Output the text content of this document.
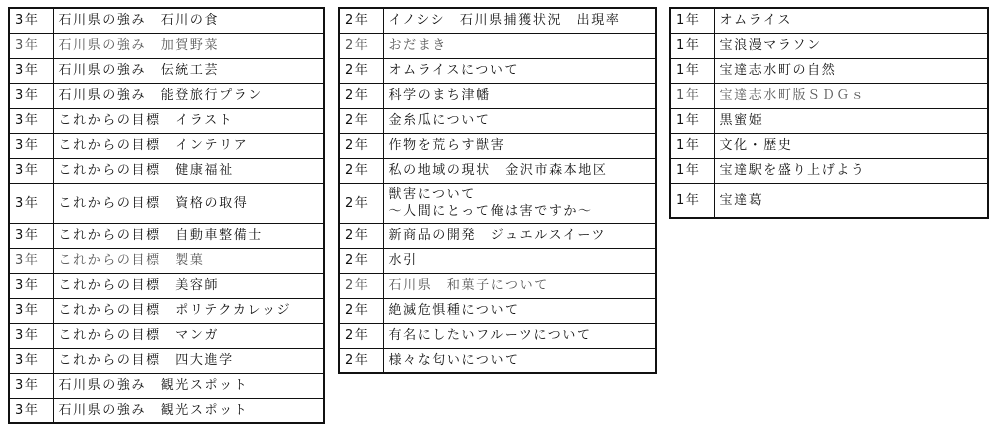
3年	石川県の強み　石川の食
3年	石川県の強み　加賀野菜
3年	石川県の強み　伝統工芸
3年	石川県の強み　能登旅行プラン
3年	これからの目標　イラスト
3年	これからの目標　インテリア
3年	これからの目標　健康福祉
3年	これからの目標　資格の取得
3年	これからの目標　自動車整備士
3年	これからの目標　製菓
3年	これからの目標　美容師
3年	これからの目標　ポリテクカレッジ
3年	これからの目標　マンガ
3年	これからの目標　四大進学
3年	石川県の強み　観光スポット
3年	石川県の強み　観光スポット
2年	イノシシ　石川県捕獲状況　出現率
2年	おだまき
2年	オムライスについて
2年	科学のまち津幡
2年	金糸瓜について
2年	作物を荒らす獣害
2年	私の地域の現状　金沢市森本地区
2年	獣害について
～人間にとって俺は害ですか～

2年	新商品の開発　ジュエルスイーツ
2年	水引
2年	石川県　和菓子について
2年	絶滅危惧種について
2年	有名にしたいフルーツについて
2年	様々な匂いについて
1年	オムライス
1年	宝浪漫マラソン
1年	宝達志水町の自然
1年	宝達志水町版ＳＤＧｓ
1年	黒蜜姫
1年	文化・歴史
1年	宝達駅を盛り上げよう
1年	宝達葛
